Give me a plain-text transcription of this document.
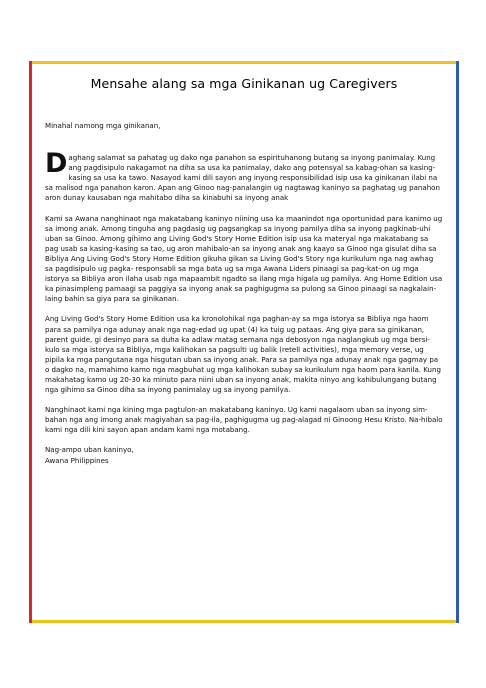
Mensahe alang sa mga Ginikanan ug Caregivers

Minahal namong mga ginikanan,

Daghang salamat sa pahatag ug dako nga panahon sa espirituhanong butang sa inyong panimalay. Kung ang pagdisipulo nakagamot na diha sa usa ka panimalay, dako ang potensyal sa kabag-ohan sa kasing-kasing sa usa ka tawo. Nasayod kami dili sayon ang inyong responsibilidad isip usa ka ginikanan ilabi na sa malisod nga panahon karon. Apan ang Ginoo nag-panalangin ug nagtawag kaninyo sa paghatag ug panahon aron dunay kausaban nga mahitabo diha sa kinabuhi sa inyong anak

Kami sa Awana nanghinaot nga makatabang kaninyo niining usa ka maanindot nga oportunidad para kanimo ug sa imong anak. Among tinguha ang pagdasig ug pagsangkap sa inyong pamilya diha sa inyong pagkinab-uhi uban sa Ginoo. Among gihimo ang Living God's Story Home Edition isip usa ka materyal nga makatabang sa pag usab sa kasing-kasing sa tao, ug aron mahibalo-an sa inyong anak ang kaayo sa Ginoo nga gisulat diha sa Bibliya Ang Living God's Story Home Edition gikuha gikan sa Living God's Story nga kurikulum nga nag awhag sa pagdisipulo ug pagka- responsabli sa mga bata ug sa mga Awana Liders pinaagi sa pag-kat-on ug mga istorya sa Bibliya aron ilaha usab nga mapaambit ngadto sa ilang mga higala ug pamilya. Ang Home Edition usa ka pinasimpleng pamaagi sa paggiya sa inyong anak sa paghigugma sa pulong sa Ginoo pinaagi sa nagkalain-laing bahin sa giya para sa ginikanan.

Ang Living God's Story Home Edition usa ka kronolohikal nga paghan-ay sa mga istorya sa Bibliya nga haom para sa pamilya nga adunay anak nga nag-edad ug upat (4) ka tuig ug pataas. Ang giya para sa ginikanan, parent guide, gi desinyo para sa duha ka adlaw matag semana nga debosyon nga naglangkub ug mga bersi-kulo sa mga istorya sa Bibliya, mga kalihokan sa pagsulti ug balik (retell activities), mga memory verse, ug pipila ka mga pangutana nga hisgutan uban sa inyong anak. Para sa pamilya nga adunay anak nga gagmay pa o dagko na, mamahimo kamo nga magbuhat ug mga kalihokan subay sa kurikulum nga haom para kanila. Kung makahatag kamo ug 20-30 ka minuto para niini uban sa inyong anak, makita ninyo ang kahibulungang butang nga gihimo sa Ginoo diha sa inyong panimalay ug sa inyong pamilya.

Nanghinaot kami nga kining mga pagtulon-an makatabang kaninyo. Ug kami nagalaom uban sa inyong sim-bahan nga ang imong anak magiyahan sa pag-ila, paghigugma ug pag-alagad ni Ginoong Hesu Kristo. Na-hibalo kami nga dili kini sayon apan andam kami nga motabang.

Nag-ampo uban kaninyo,
Awana Philippines
